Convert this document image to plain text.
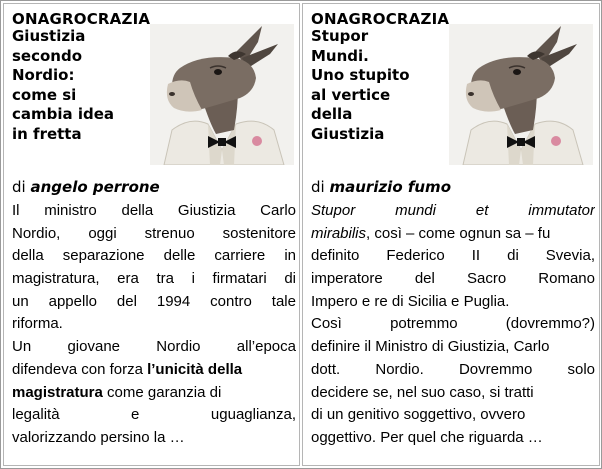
ONAGROCRAZIA
Giustizia
secondo
Nordio:
come si
cambia idea
in fretta
di angelo perrone
Il ministro della Giustizia Carlo
Nordio, oggi strenuo sostenitore
della separazione delle carriere in
magistratura, era tra i firmatari di
un appello del 1994 contro tale
riforma.
Un giovane Nordio all’epoca
difendeva con forza l’unicità della
magistratura come garanzia di
legalità e uguaglianza,
valorizzando persino la …
ONAGROCRAZIA
Stupor
Mundi.
Uno stupito
al vertice
della
Giustizia
di maurizio fumo
Stupor mundi et immutator
mirabilis, così – come ognun sa – fu
definito Federico II di Svevia,
imperatore del Sacro Romano
Impero e re di Sicilia e Puglia.
Così potremmo (dovremmo?)
definire il Ministro di Giustizia, Carlo
dott. Nordio. Dovremmo solo
decidere se, nel suo caso, si tratti
di un genitivo soggettivo, ovvero
oggettivo. Per quel che riguarda …
